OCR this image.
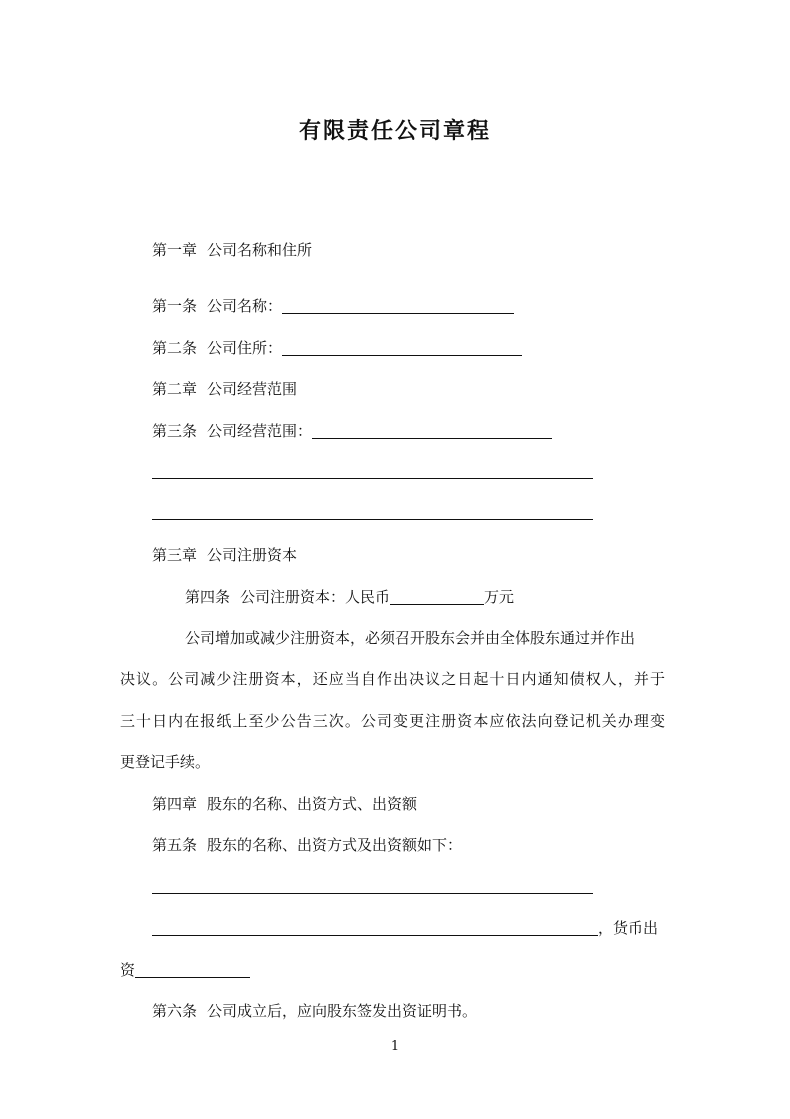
有限责任公司章程
第一章 公司名称和住所
第一条 公司名称：
第二条 公司住所：
第二章 公司经营范围
第三条 公司经营范围：
第三章 公司注册资本
第四条 公司注册资本：人民币	万元
公司增加或减少注册资本，必须召开股东会并由全体股东通过并作出
决议。公司减少注册资本，还应当自作出决议之日起十日内通知债权人，并于
三十日内在报纸上至少公告三次。公司变更注册资本应依法向登记机关办理变
更登记手续。
第四章 股东的名称、出资方式、出资额
第五条 股东的名称、出资方式及出资额如下：
，货币出
资
第六条 公司成立后，应向股东签发出资证明书。
1
